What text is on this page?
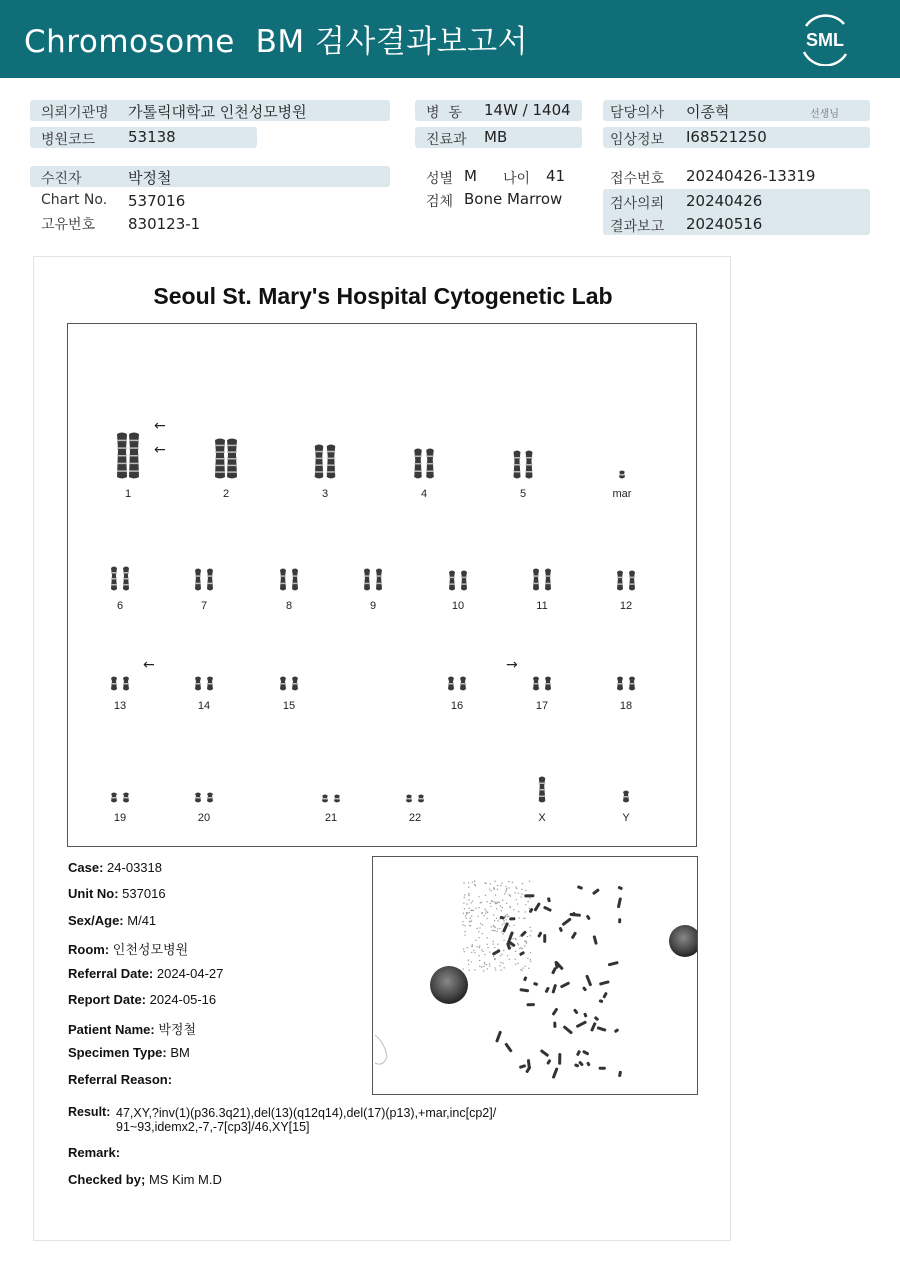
Chromosome  BM 검사결과보고서	SML
의뢰기관명 가톨릭대학교 인천성모병원
병원코드 53138
병  동 14W / 1404
진료과 MB
담당의사 이종혁	선생님
임상정보 I68521250
수진자	박정철
Chart No. 537016
고유번호 830123-1
성별 M 나이 41
검체 Bone Marrow
접수번호 20240426-13319
검사의뢰 20240426
결과보고 20240516
Seoul St. Mary's Hospital Cytogenetic Lab
←
←
←	→
1	2	3	4	5	mar
6	7	8	9	10	11	12
13	14	15	16	17	18
19	20	21	22	X	Y
Case: 24-03318
Unit No: 537016
Sex/Age: M/41
Room: 인천성모병원
Referral Date: 2024-04-27
Report Date: 2024-05-16
Patient Name: 박정철
Specimen Type: BM
Referral Reason:
Result: 47,XY,?inv(1)(p36.3q21),del(13)(q12q14),del(17)(p13),+mar,inc[cp2]/
91~93,idemx2,-7,-7[cp3]/46,XY[15]
Remark:
Checked by; MS Kim M.D
